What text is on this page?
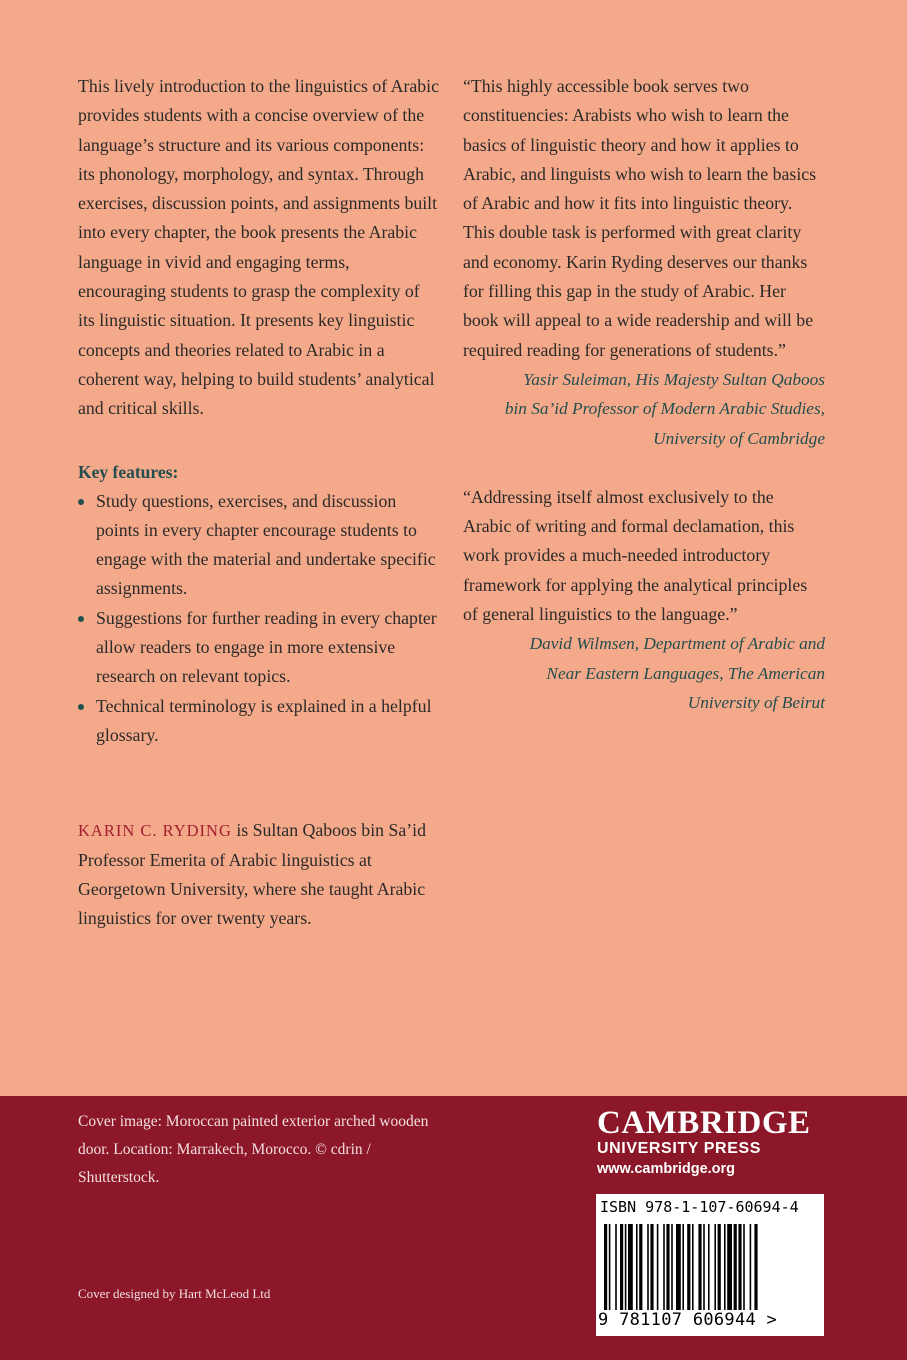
This lively introduction to the linguistics of Arabic provides students with a concise overview of the language’s structure and its various components: its phonology, morphology, and syntax. Through exercises, discussion points, and assignments built into every chapter, the book presents the Arabic language in vivid and engaging terms, encouraging students to grasp the complexity of its linguistic situation. It presents key linguistic concepts and theories related to Arabic in a coherent way, helping to build students’ analytical and critical skills.

Key features:
Study questions, exercises, and discussion points in every chapter encourage students to engage with the material and undertake specific assignments.
Suggestions for further reading in every chapter allow readers to engage in more extensive research on relevant topics.
Technical terminology is explained in a helpful glossary.

KARIN C. RYDING is Sultan Qaboos bin Sa’id Professor Emerita of Arabic linguistics at Georgetown University, where she taught Arabic linguistics for over twenty years.

“This highly accessible book serves two constituencies: Arabists who wish to learn the basics of linguistic theory and how it applies to Arabic, and linguists who wish to learn the basics of Arabic and how it fits into linguistic theory. This double task is performed with great clarity and economy. Karin Ryding deserves our thanks for filling this gap in the study of Arabic. Her book will appeal to a wide readership and will be required reading for generations of students.”

Yasir Suleiman, His Majesty Sultan Qaboos

bin Sa’id Professor of Modern Arabic Studies,

University of Cambridge

“Addressing itself almost exclusively to the Arabic of writing and formal declamation, this work provides a much-needed introductory framework for applying the analytical principles of general linguistics to the language.”

David Wilmsen, Department of Arabic and

Near Eastern Languages, The American

University of Beirut

Cover image: Moroccan painted exterior arched wooden door. Location: Marrakech, Morocco. © cdrin / Shutterstock.

Cover designed by Hart McLeod Ltd

CAMBRIDGE
UNIVERSITY PRESS
www.cambridge.org
ISBN 978-1-107-60694-4
9 781107 606944 >
